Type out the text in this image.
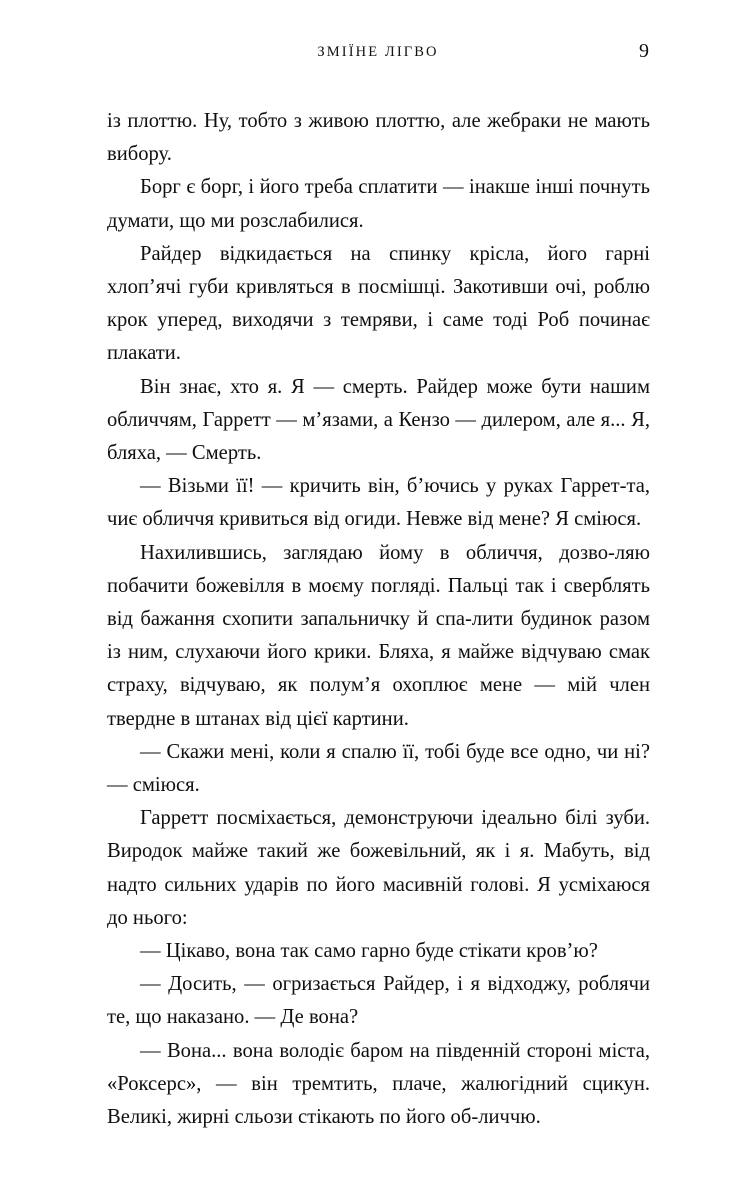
ЗМІЇНЕ ЛІГВО	9

із плоттю. Ну, тобто з живою плоттю, але жебраки не мають вибору.

Борг є борг, і його треба сплатити — інакше інші почнуть думати, що ми розслабилися.

Райдер відкидається на спинку крісла, його гарні хлоп’ячі губи кривляться в посмішці. Закотивши очі, роблю крок уперед, виходячи з темряви, і саме тоді Роб починає плакати.

Він знає, хто я. Я — смерть. Райдер може бути нашим обличчям, Гарретт — м’язами, а Кензо — дилером, але я... Я, бляха, — Смерть.

— Візьми її! — кричить він, б’ючись у руках Гаррет-та, чиє обличчя кривиться від огиди. Невже від мене? Я сміюся.

Нахилившись, заглядаю йому в обличчя, дозво-ляю побачити божевілля в моєму погляді. Пальці так і сверблять від бажання схопити запальничку й спа-лити будинок разом із ним, слухаючи його крики. Бляха, я майже відчуваю смак страху, відчуваю, як полум’я охоплює мене — мій член твердне в штанах від цієї картини.

— Скажи мені, коли я спалю її, тобі буде все одно, чи ні? — сміюся.

Гарретт посміхається, демонструючи ідеально білі зуби. Виродок майже такий же божевільний, як і я. Мабуть, від надто сильних ударів по його масивній голові. Я усміхаюся до нього:

— Цікаво, вона так само гарно буде стікати кров’ю?

— Досить, — огризається Райдер, і я відходжу, роблячи те, що наказано. — Де вона?

— Вона... вона володіє баром на південній стороні міста, «Роксерс», — він тремтить, плаче, жалюгідний сцикун. Великі, жирні сльози стікають по його об-личчю.
